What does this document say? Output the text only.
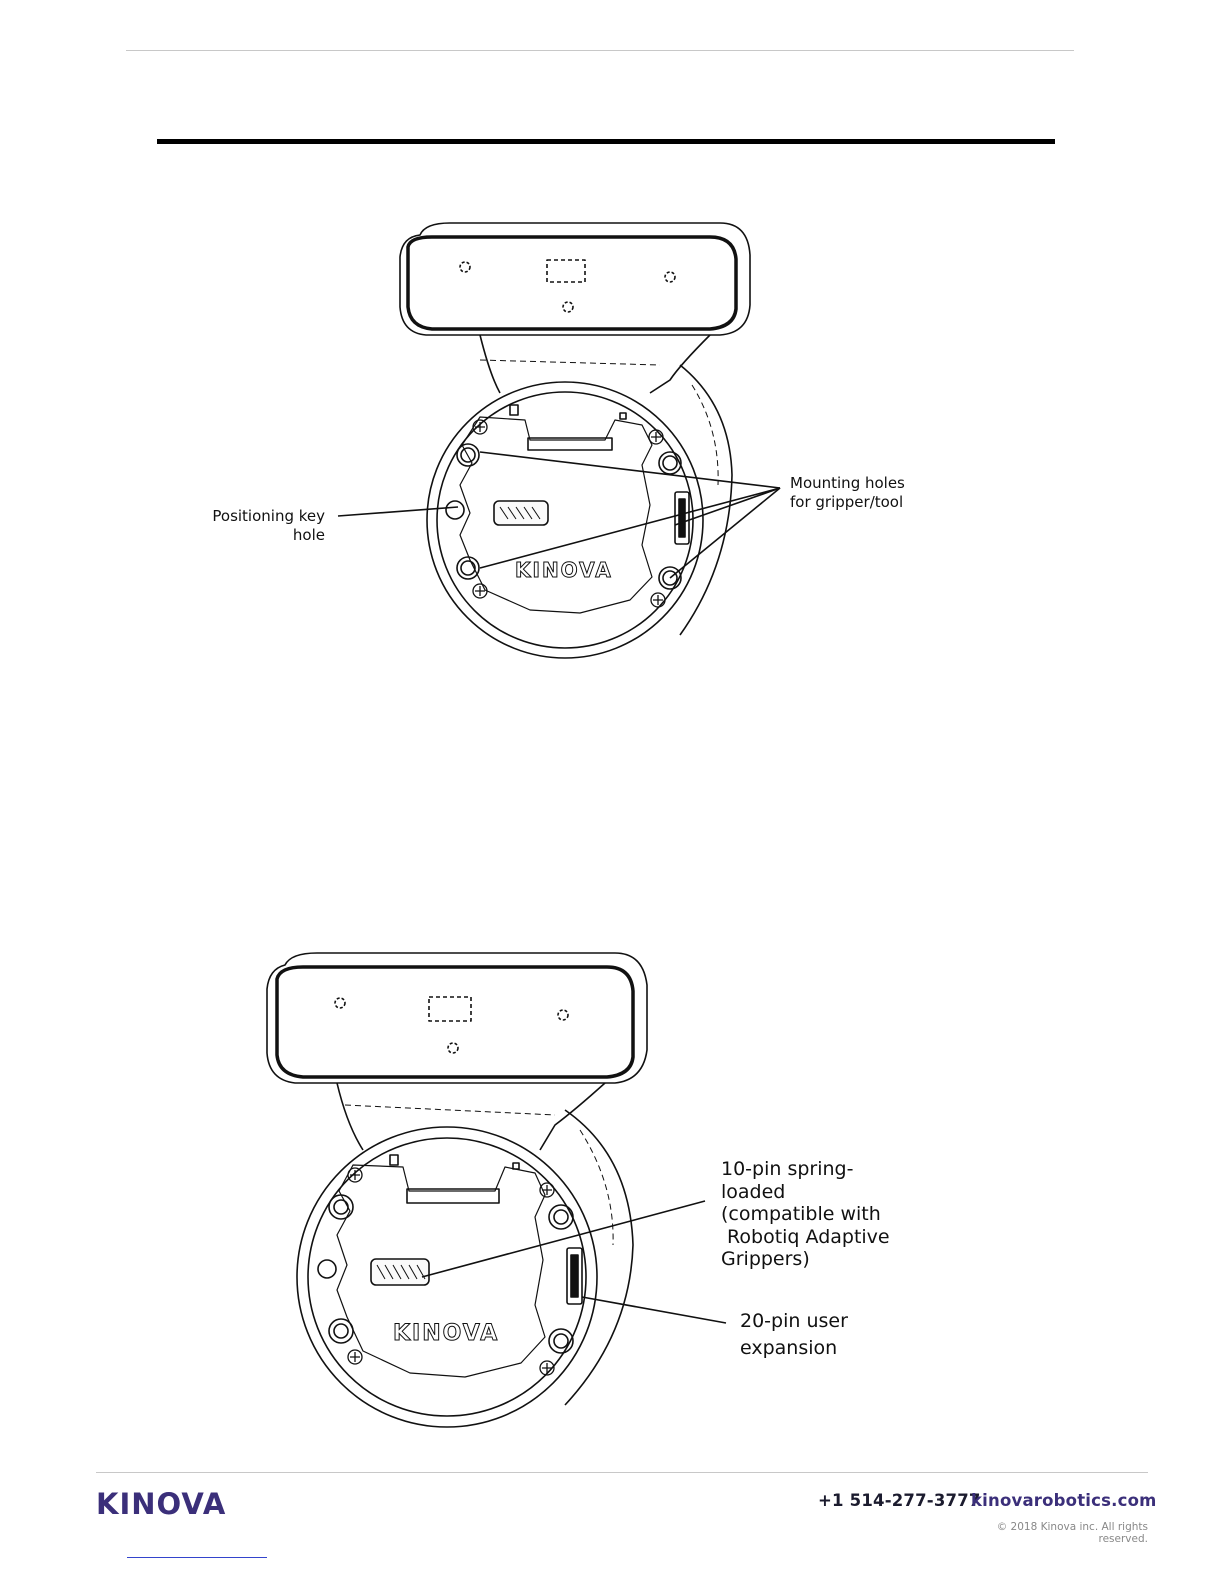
KINOVA
Positioning key
hole
Mounting holes
for gripper/tool
KINOVA
10-pin spring-
loaded
(compatible with
Robotiq Adaptive
Grippers)
20-pin user
expansion
KINOVA	+1 514-277-3777
kinovarobotics.com
© 2018 Kinova inc. All rights reserved.
